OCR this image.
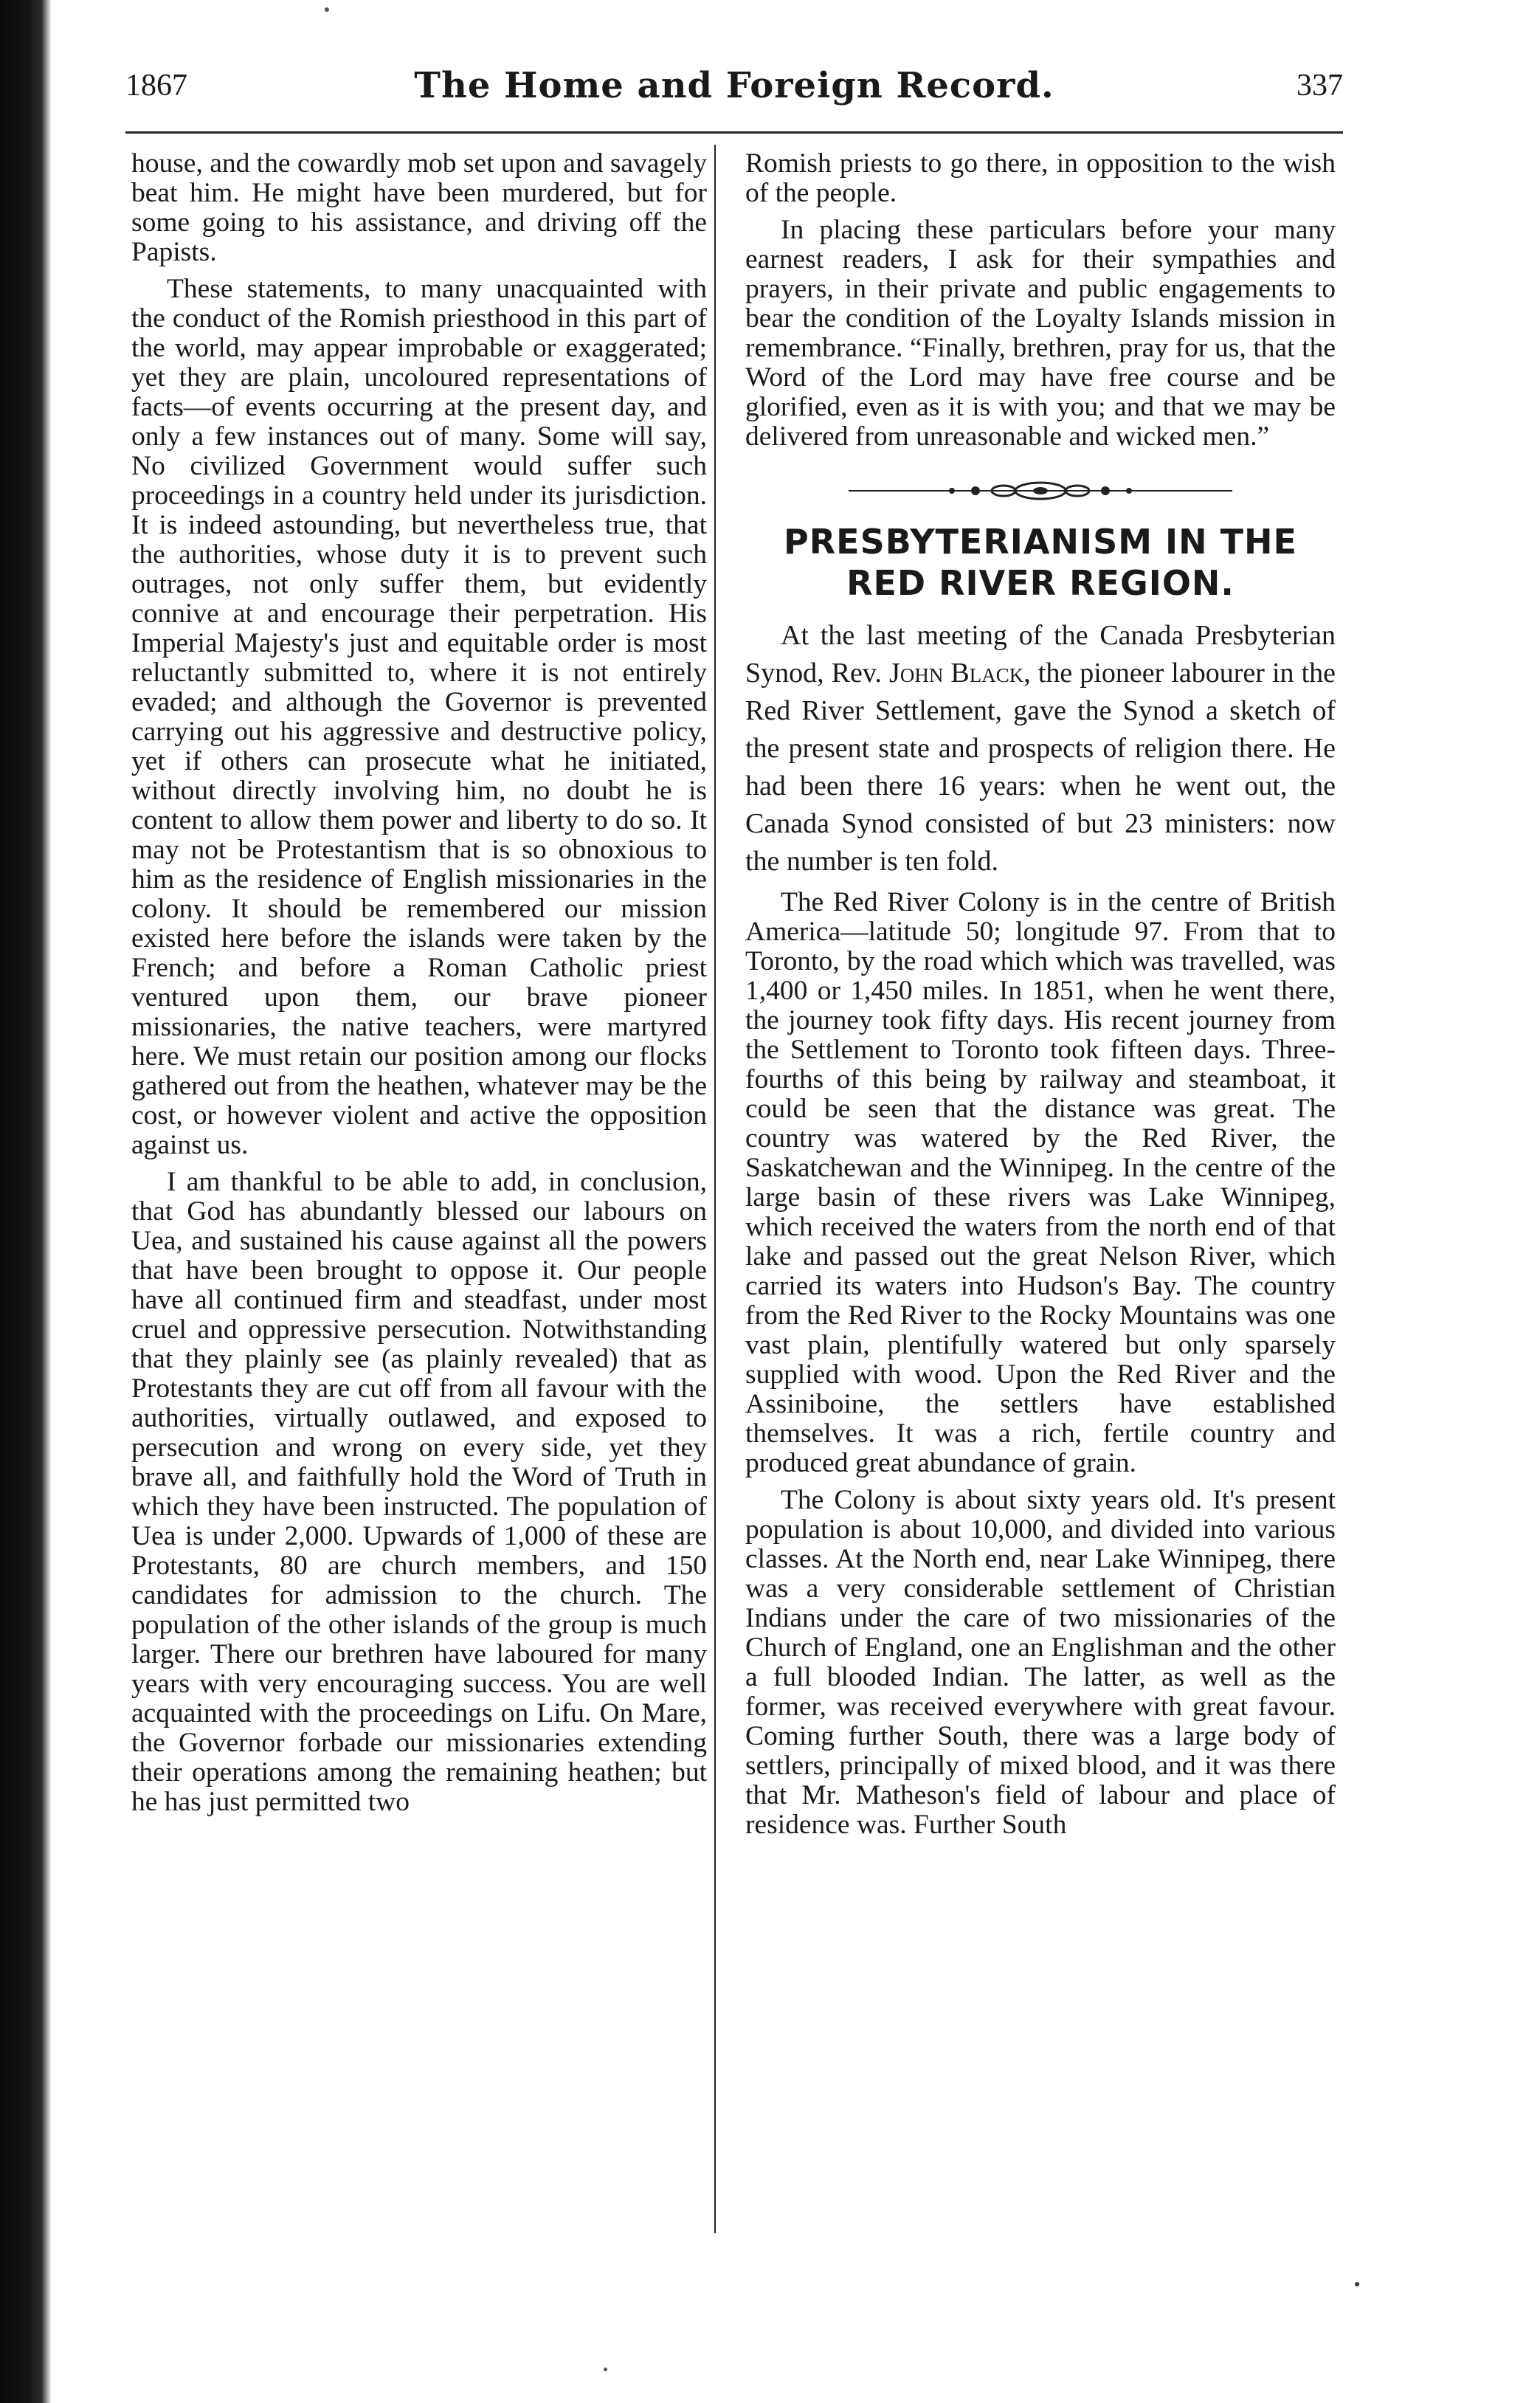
1867	The Home and Foreign Record.	337

house, and the cowardly mob set upon and savagely beat him. He might have been murdered, but for some going to his assistance, and driving off the Papists.

These statements, to many unacquainted with the conduct of the Romish priesthood in this part of the world, may appear improbable or exaggerated; yet they are plain, uncoloured representations of facts—of events occurring at the present day, and only a few instances out of many. Some will say, No civilized Government would suffer such proceedings in a country held under its jurisdiction. It is indeed astounding, but nevertheless true, that the authorities, whose duty it is to prevent such outrages, not only suffer them, but evidently connive at and encourage their perpetration. His Imperial Majesty's just and equitable order is most reluctantly submitted to, where it is not entirely evaded; and although the Governor is prevented carrying out his aggressive and destructive policy, yet if others can prosecute what he initiated, without directly involving him, no doubt he is content to allow them power and liberty to do so. It may not be Protestantism that is so obnoxious to him as the residence of English missionaries in the colony. It should be remembered our mission existed here before the islands were taken by the French; and before a Roman Catholic priest ventured upon them, our brave pioneer missionaries, the native teachers, were martyred here. We must retain our position among our flocks gathered out from the heathen, whatever may be the cost, or however violent and active the opposition against us.

I am thankful to be able to add, in conclusion, that God has abundantly blessed our labours on Uea, and sustained his cause against all the powers that have been brought to oppose it. Our people have all continued firm and steadfast, under most cruel and oppressive persecution. Notwithstanding that they plainly see (as plainly revealed) that as Protestants they are cut off from all favour with the authorities, virtually outlawed, and exposed to persecution and wrong on every side, yet they brave all, and faithfully hold the Word of Truth in which they have been instructed. The population of Uea is under 2,000. Upwards of 1,000 of these are Protestants, 80 are church members, and 150 candidates for admission to the church. The population of the other islands of the group is much larger. There our brethren have laboured for many years with very encouraging success. You are well acquainted with the proceedings on Lifu. On Mare, the Governor forbade our missionaries extending their operations among the remaining heathen; but he has just permitted two

Romish priests to go there, in opposition to the wish of the people.

In placing these particulars before your many earnest readers, I ask for their sympathies and prayers, in their private and public engagements to bear the condition of the Loyalty Islands mission in remembrance. “Finally, brethren, pray for us, that the Word of the Lord may have free course and be glorified, even as it is with you; and that we may be delivered from unreasonable and wicked men.”

PRESBYTERIANISM IN THE RED RIVER REGION.

At the last meeting of the Canada Presbyterian Synod, Rev. John Black, the pioneer labourer in the Red River Settlement, gave the Synod a sketch of the present state and prospects of religion there. He had been there 16 years: when he went out, the Canada Synod consisted of but 23 ministers: now the number is ten fold.

The Red River Colony is in the centre of British America—latitude 50; longitude 97. From that to Toronto, by the road which which was travelled, was 1,400 or 1,450 miles. In 1851, when he went there, the journey took fifty days. His recent journey from the Settlement to Toronto took fifteen days. Three-fourths of this being by railway and steamboat, it could be seen that the distance was great. The country was watered by the Red River, the Saskatchewan and the Winnipeg. In the centre of the large basin of these rivers was Lake Winnipeg, which received the waters from the north end of that lake and passed out the great Nelson River, which carried its waters into Hudson's Bay. The country from the Red River to the Rocky Mountains was one vast plain, plentifully watered but only sparsely supplied with wood. Upon the Red River and the Assiniboine, the settlers have established themselves. It was a rich, fertile country and produced great abundance of grain.

The Colony is about sixty years old. It's present population is about 10,000, and divided into various classes. At the North end, near Lake Winnipeg, there was a very considerable settlement of Christian Indians under the care of two missionaries of the Church of England, one an Englishman and the other a full blooded Indian. The latter, as well as the former, was received everywhere with great favour. Coming further South, there was a large body of settlers, principally of mixed blood, and it was there that Mr. Matheson's field of labour and place of residence was. Further South
